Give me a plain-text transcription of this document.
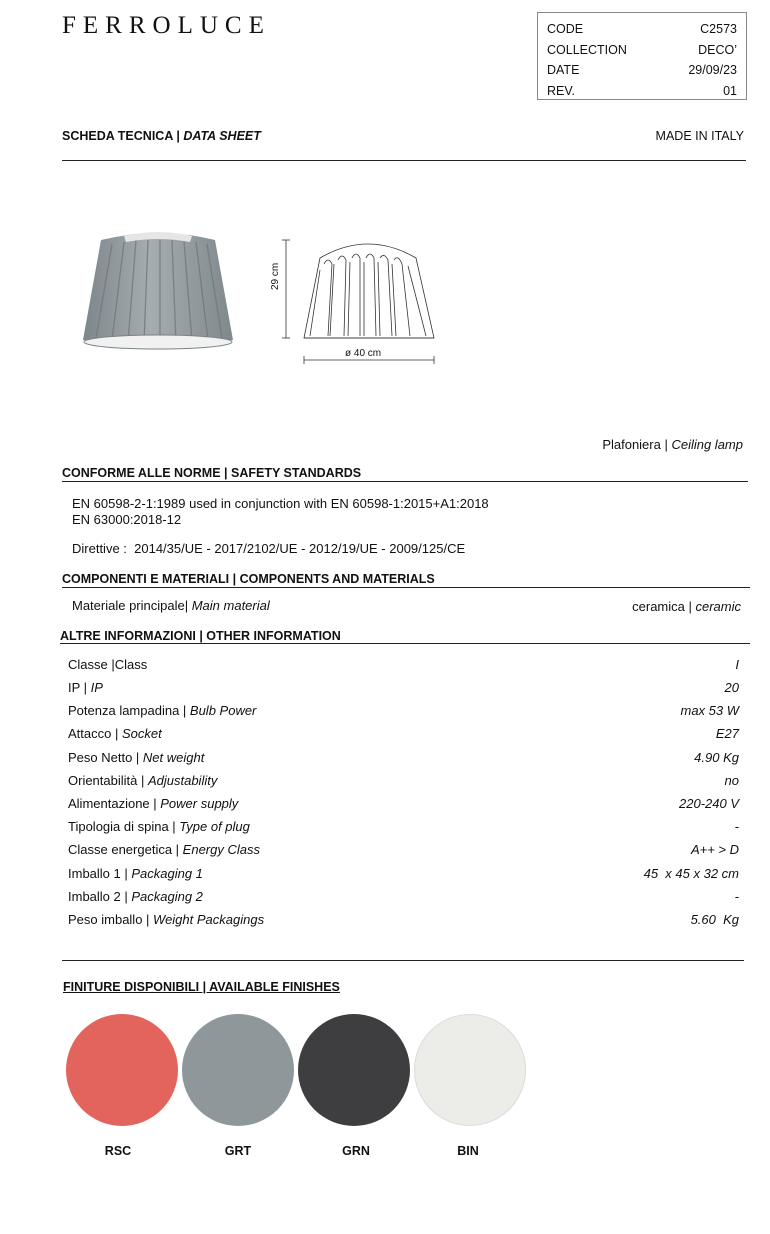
FERROLUCE	CODE	C2573
COLLECTION	DECO’
DATE	29/09/23
REV.	01
SCHEDA TECNICA | DATA SHEET	MADE IN ITALY
29 cm
ø 40 cm
Plafoniera | Ceiling lamp
CONFORME ALLE NORME | SAFETY STANDARDS
EN 60598-2-1:1989 used in conjunction with EN 60598-1:2015+A1:2018
EN 63000:2018-12
Direttive :  2014/35/UE - 2017/2102/UE - 2012/19/UE - 2009/125/CE
COMPONENTI E MATERIALI | COMPONENTS AND MATERIALS
Materiale principale| Main material	ceramica | ceramic
ALTRE INFORMAZIONI | OTHER INFORMATION
Classe |Class	I
IP | IP	20
Potenza lampadina | Bulb Power	max 53 W
Attacco | Socket	E27
Peso Netto | Net weight	4.90 Kg
Orientabilità | Adjustability	no
Alimentazione | Power supply	220-240 V
Tipologia di spina | Type of plug	-
Classe energetica | Energy Class	A++ > D
Imballo 1 | Packaging 1	45  x 45 x 32 cm
Imballo 2 | Packaging 2	-
Peso imballo | Weight Packagings	5.60  Kg
FINITURE DISPONIBILI | AVAILABLE FINISHES
RSC	GRT	GRN	BIN
